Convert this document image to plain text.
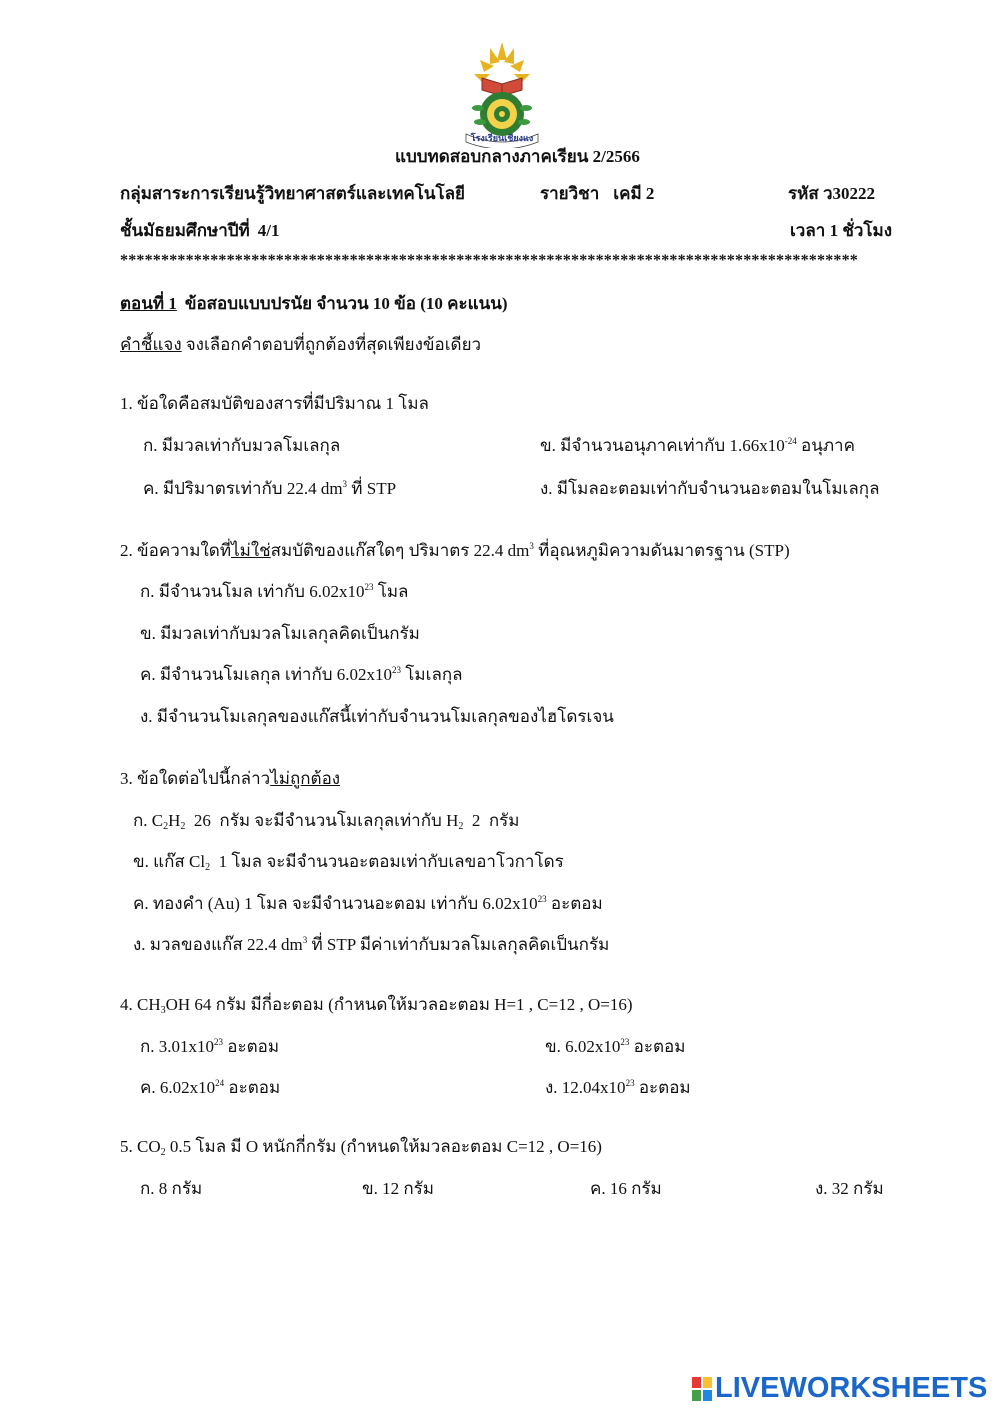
โรงเรียนเชียงแง
แบบทดสอบกลางภาคเรียน 2/2566
กลุ่มสาระการเรียนรู้วิทยาศาสตร์และเทคโนโลยี	รายวิชา เคมี 2	รหัส ว30222
ชั้นมัธยมศึกษาปีที่ 4/1	เวลา 1 ชั่วโมง
******************************************************************************************
ตอนที่ 1 ข้อสอบแบบปรนัย จำนวน 10 ข้อ (10 คะแนน)
คำชี้แจง จงเลือกคำตอบที่ถูกต้องที่สุดเพียงข้อเดียว
1. ข้อใดคือสมบัติของสารที่มีปริมาณ 1 โมล
ก. มีมวลเท่ากับมวลโมเลกุล	ข. มีจำนวนอนุภาคเท่ากับ $1.66x10^{-24}$ อนุภาค
ค. มีปริมาตรเท่ากับ 22.4 $dm^3$ ที่ STP	ง. มีโมลอะตอมเท่ากับจำนวนอะตอมในโมเลกุล
2. ข้อความใดที่ไม่ใช่สมบัติของแก๊สใดๆ ปริมาตร 22.4 $dm^3$ ที่อุณหภูมิความดันมาตรฐาน (STP)
ก. มีจำนวนโมล เท่ากับ $6.02x10^{23}$ โมล
ข. มีมวลเท่ากับมวลโมเลกุลคิดเป็นกรัม
ค. มีจำนวนโมเลกุล เท่ากับ $6.02x10^{23}$ โมเลกุล
ง. มีจำนวนโมเลกุลของแก๊สนี้เท่ากับจำนวนโมเลกุลของไฮโดรเจน
3. ข้อใดต่อไปนี้กล่าวไม่ถูกต้อง
ก. $C_2H_2$  26  กรัม จะมีจำนวนโมเลกุลเท่ากับ $H_2$  2  กรัม
ข. แก๊ส $Cl_2$  1 โมล จะมีจำนวนอะตอมเท่ากับเลขอาโวกาโดร
ค. ทองคำ (Au) 1 โมล จะมีจำนวนอะตอม เท่ากับ $6.02x10^{23}$ อะตอม
ง. มวลของแก๊ส 22.4 $dm^3$ ที่ STP มีค่าเท่ากับมวลโมเลกุลคิดเป็นกรัม
4. $CH_3OH$ 64 กรัม มีกี่อะตอม (กำหนดให้มวลอะตอม H=1 , C=12 , O=16)
ก. $3.01x10^{23}$ อะตอม	ข. $6.02x10^{23}$ อะตอม
ค. $6.02x10^{24}$ อะตอม	ง. $12.04x10^{23}$ อะตอม
5. $CO_2$ 0.5 โมล มี O หนักกี่กรัม (กำหนดให้มวลอะตอม C=12 , O=16)
ก. 8 กรัม	ข. 12 กรัม	ค. 16 กรัม	ง. 32 กรัม
LIVEWORKSHEETS
